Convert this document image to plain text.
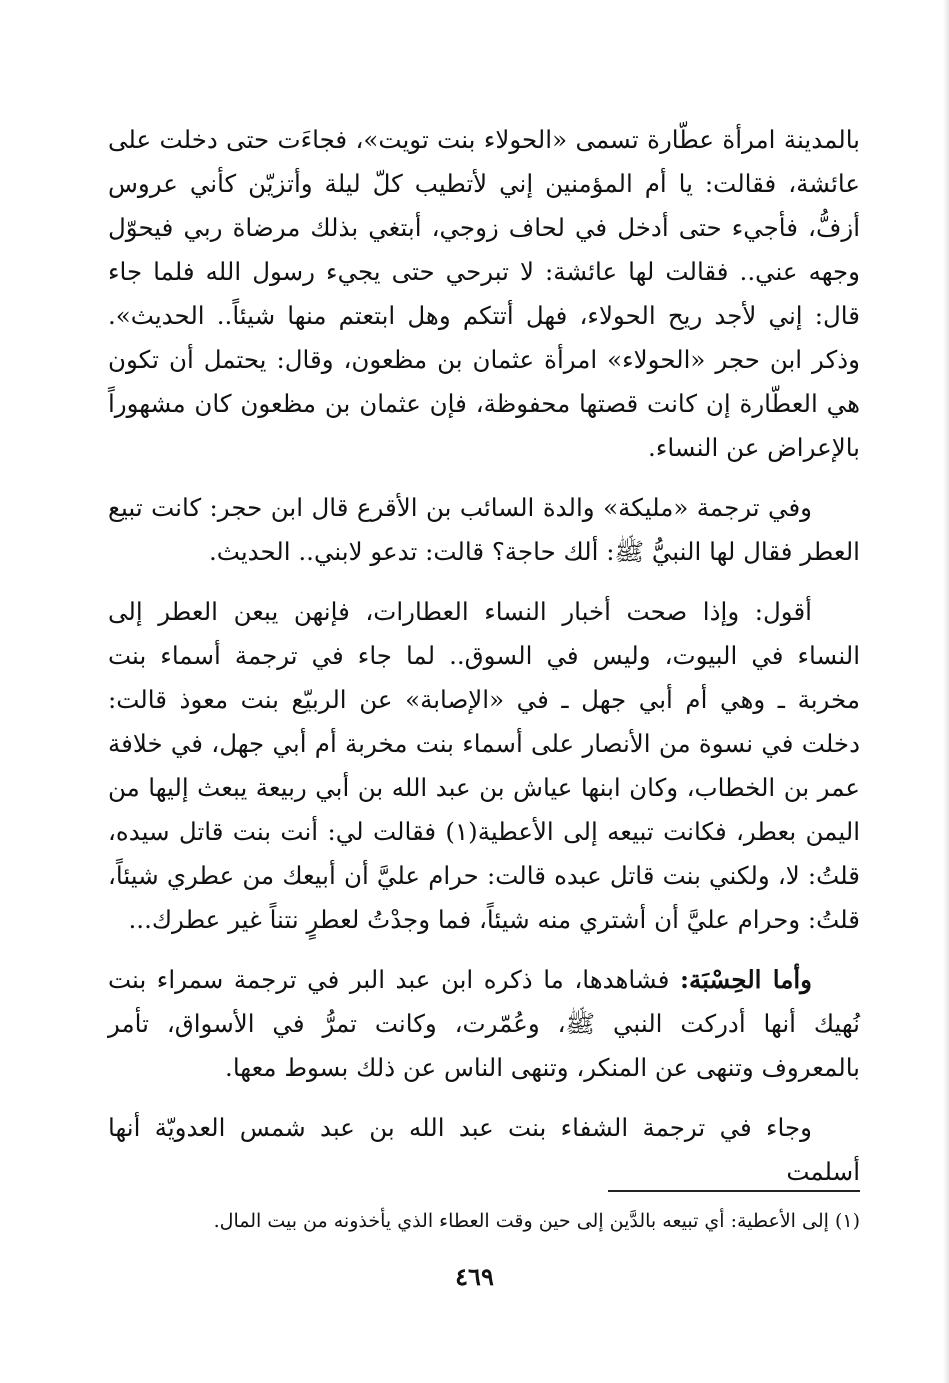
بالمدينة امرأة عطّارة تسمى «الحولاء بنت تويت»، فجاءَت حتى دخلت على عائشة، فقالت: يا أم المؤمنين إني لأتطيب كلّ ليلة وأتزيّن كأني عروس أزفُّ، فأجيء حتى أدخل في لحاف زوجي، أبتغي بذلك مرضاة ربي فيحوّل وجهه عني.. فقالت لها عائشة: لا تبرحي حتى يجيء رسول الله فلما جاء قال: إني لأجد ريح الحولاء، فهل أتتكم وهل ابتعتم منها شيئاً.. الحديث». وذكر ابن حجر «الحولاء» امرأة عثمان بن مظعون، وقال: يحتمل أن تكون هي العطّارة إن كانت قصتها محفوظة، فإن عثمان بن مظعون كان مشهوراً بالإعراض عن النساء.

وفي ترجمة «مليكة» والدة السائب بن الأقرع قال ابن حجر: كانت تبيع العطر فقال لها النبيُّ ﷺ: ألك حاجة؟ قالت: تدعو لابني.. الحديث.

أقول: وإذا صحت أخبار النساء العطارات، فإنهن يبعن العطر إلى النساء في البيوت، وليس في السوق.. لما جاء في ترجمة أسماء بنت مخربة ـ وهي أم أبي جهل ـ في «الإصابة» عن الربيّع بنت معوذ قالت: دخلت في نسوة من الأنصار على أسماء بنت مخربة أم أبي جهل، في خلافة عمر بن الخطاب، وكان ابنها عياش بن عبد الله بن أبي ربيعة يبعث إليها من اليمن بعطر، فكانت تبيعه إلى الأعطية(١) فقالت لي: أنت بنت قاتل سيده، قلتُ: لا، ولكني بنت قاتل عبده قالت: حرام عليَّ أن أبيعك من عطري شيئاً، قلتُ: وحرام عليَّ أن أشتري منه شيئاً، فما وجدْتُ لعطرٍ نتناً غير عطرك...

وأما الحِسْبَة: فشاهدها، ما ذكره ابن عبد البر في ترجمة سمراء بنت نُهيك أنها أدركت النبي ﷺ، وعُمّرت، وكانت تمرُّ في الأسواق، تأمر بالمعروف وتنهى عن المنكر، وتنهى الناس عن ذلك بسوط معها.

وجاء في ترجمة الشفاء بنت عبد الله بن عبد شمس العدويّة أنها أسلمت

(١) إلى الأعطية: أي تبيعه بالدَّين إلى حين وقت العطاء الذي يأخذونه من بيت المال.
٤٦٩
